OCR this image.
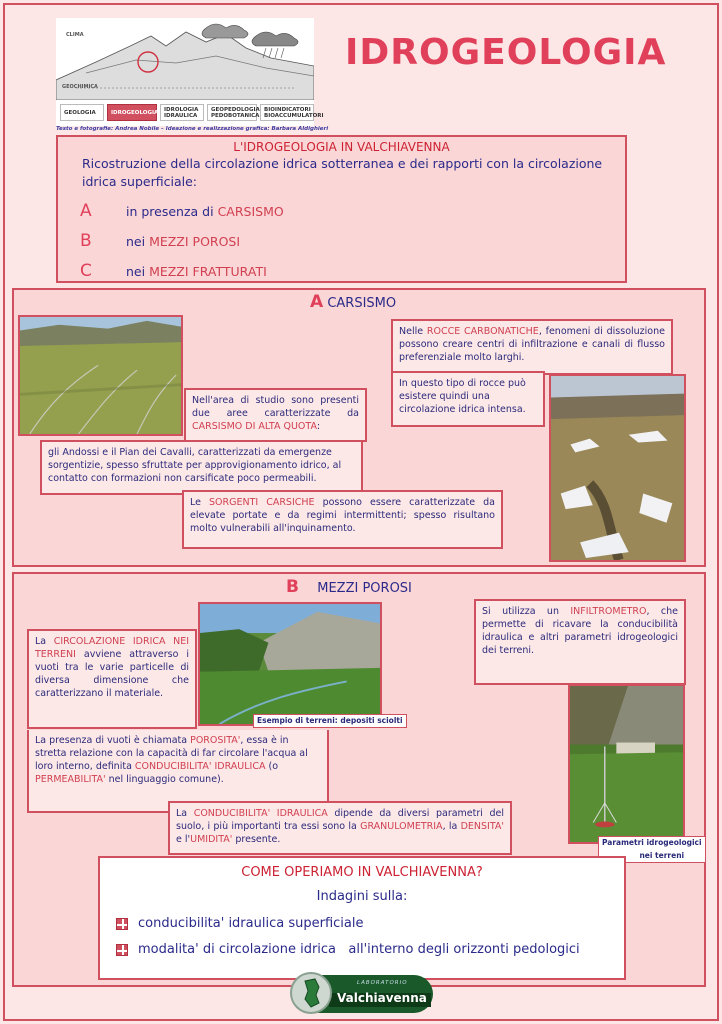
CLIMA
GEOCHIMICA
GEOLOGIA	IDROGEOLOGIA	IDROLOGIA IDRAULICA
GEOPEDOLOGIA PEDOBOTANICA
BIOINDICATORI BIOACCUMULATORI
Testo e fotografie: Andrea Nobile – Ideazione e realizzazione grafica: Barbara Aldighieri
IDROGEOLOGIA
L'IDROGEOLOGIA IN VALCHIAVENNA
Ricostruzione della circolazione idrica sotterranea e dei rapporti con la circolazione idrica superficiale:
A	in presenza di CARSISMO
B	nei MEZZI POROSI
C	nei MEZZI FRATTURATI
A CARSISMO
Nell'area di studio sono presenti due aree caratterizzate da CARSISMO DI ALTA QUOTA:
gli Andossi e il Pian dei Cavalli, caratterizzati da emergenze sorgentizie, spesso sfruttate per approvigionamento idrico, al contatto con formazioni non carsificate poco permeabili.
Le SORGENTI CARSICHE possono essere caratterizzate da elevate portate e da regimi intermittenti; spesso risultano molto vulnerabili all'inquinamento.
Nelle ROCCE CARBONATICHE, fenomeni di dissoluzione possono creare centri di infiltrazione e canali di flusso preferenziale molto larghi.
In questo tipo di rocce può esistere quindi una circolazione idrica intensa.
B MEZZI POROSI
Esempio di terreni: depositi sciolti
La CIRCOLAZIONE IDRICA NEI TERRENI avviene attraverso i vuoti tra le varie particelle di diversa dimensione che caratterizzano il materiale.
La presenza di vuoti è chiamata POROSITA', essa è in stretta relazione con la capacità di far circolare l'acqua al loro interno, definita CONDUCIBILITA' IDRAULICA (o PERMEABILITA' nel linguaggio comune).
La CONDUCIBILITA' IDRAULICA dipende da diversi parametri del suolo, i più importanti tra essi sono la GRANULOMETRIA, la DENSITA' e l'UMIDITA' presente.
Si utilizza un INFILTROMETRO, che permette di ricavare la conducibilità idraulica e altri parametri idrogeologici dei terreni.
Parametri idrogeologici
nei terreni
COME OPERIAMO IN VALCHIAVENNA?
Indagini sulla:
conducibilita' idraulica superficiale
modalita' di circolazione idrica   all'interno degli orizzonti pedologici
LABORATORIO
Valchiavenna
